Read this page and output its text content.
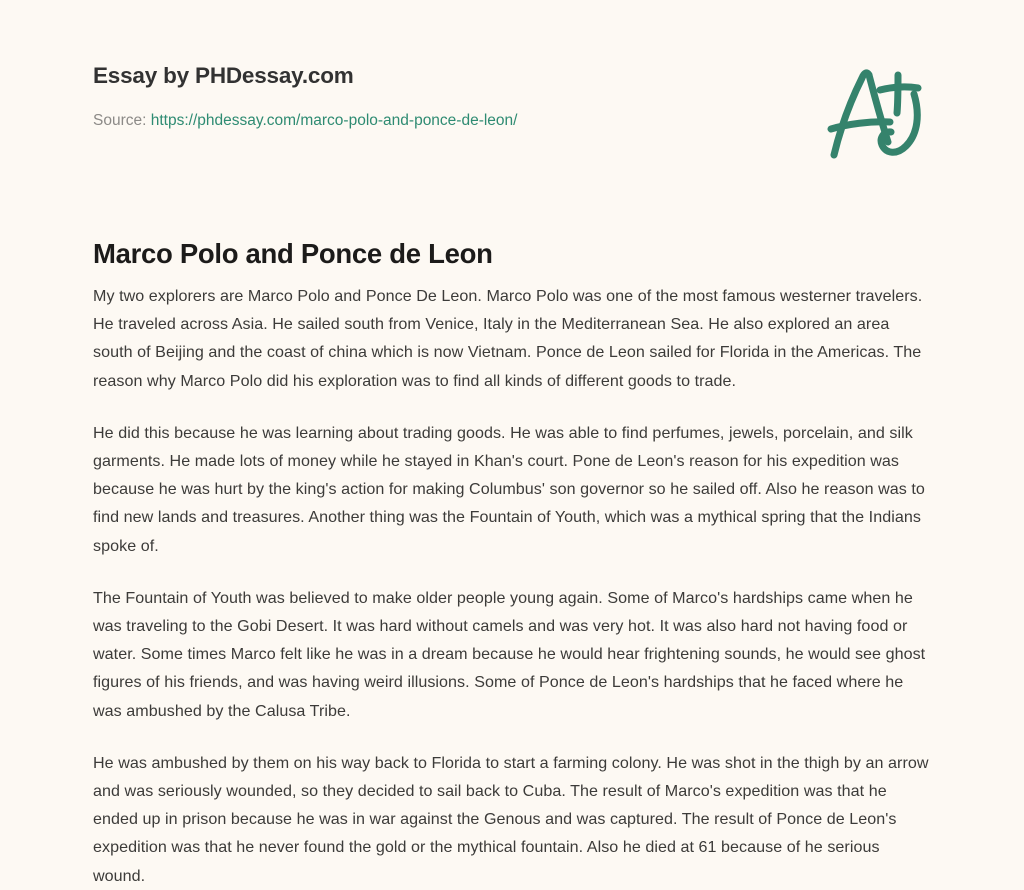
Essay by PHDessay.com
Source: https://phdessay.com/marco-polo-and-ponce-de-leon/
Marco Polo and Ponce de Leon

My two explorers are Marco Polo and Ponce De Leon. Marco Polo was one of the most famous westerner travelers. He traveled across Asia. He sailed south from Venice, Italy in the Mediterranean Sea. He also explored an area south of Beijing and the coast of china which is now Vietnam. Ponce de Leon sailed for Florida in the Americas. The reason why Marco Polo did his exploration was to find all kinds of different goods to trade.

He did this because he was learning about trading goods. He was able to find perfumes, jewels, porcelain, and silk garments. He made lots of money while he stayed in Khan's court. Pone de Leon's reason for his expedition was because he was hurt by the king's action for making Columbus' son governor so he sailed off. Also he reason was to find new lands and treasures. Another thing was the Fountain of Youth, which was a mythical spring that the Indians spoke of.

The Fountain of Youth was believed to make older people young again. Some of Marco's hardships came when he was traveling to the Gobi Desert. It was hard without camels and was very hot. It was also hard not having food or water. Some times Marco felt like he was in a dream because he would hear frightening sounds, he would see ghost figures of his friends, and was having weird illusions. Some of Ponce de Leon's hardships that he faced where he was ambushed by the Calusa Tribe.

He was ambushed by them on his way back to Florida to start a farming colony. He was shot in the thigh by an arrow and was seriously wounded, so they decided to sail back to Cuba. The result of Marco's expedition was that he ended up in prison because he was in war against the Genous and was captured. The result of Ponce de Leon's expedition was that he never found the gold or the mythical fountain. Also he died at 61 because of he serious wound.
